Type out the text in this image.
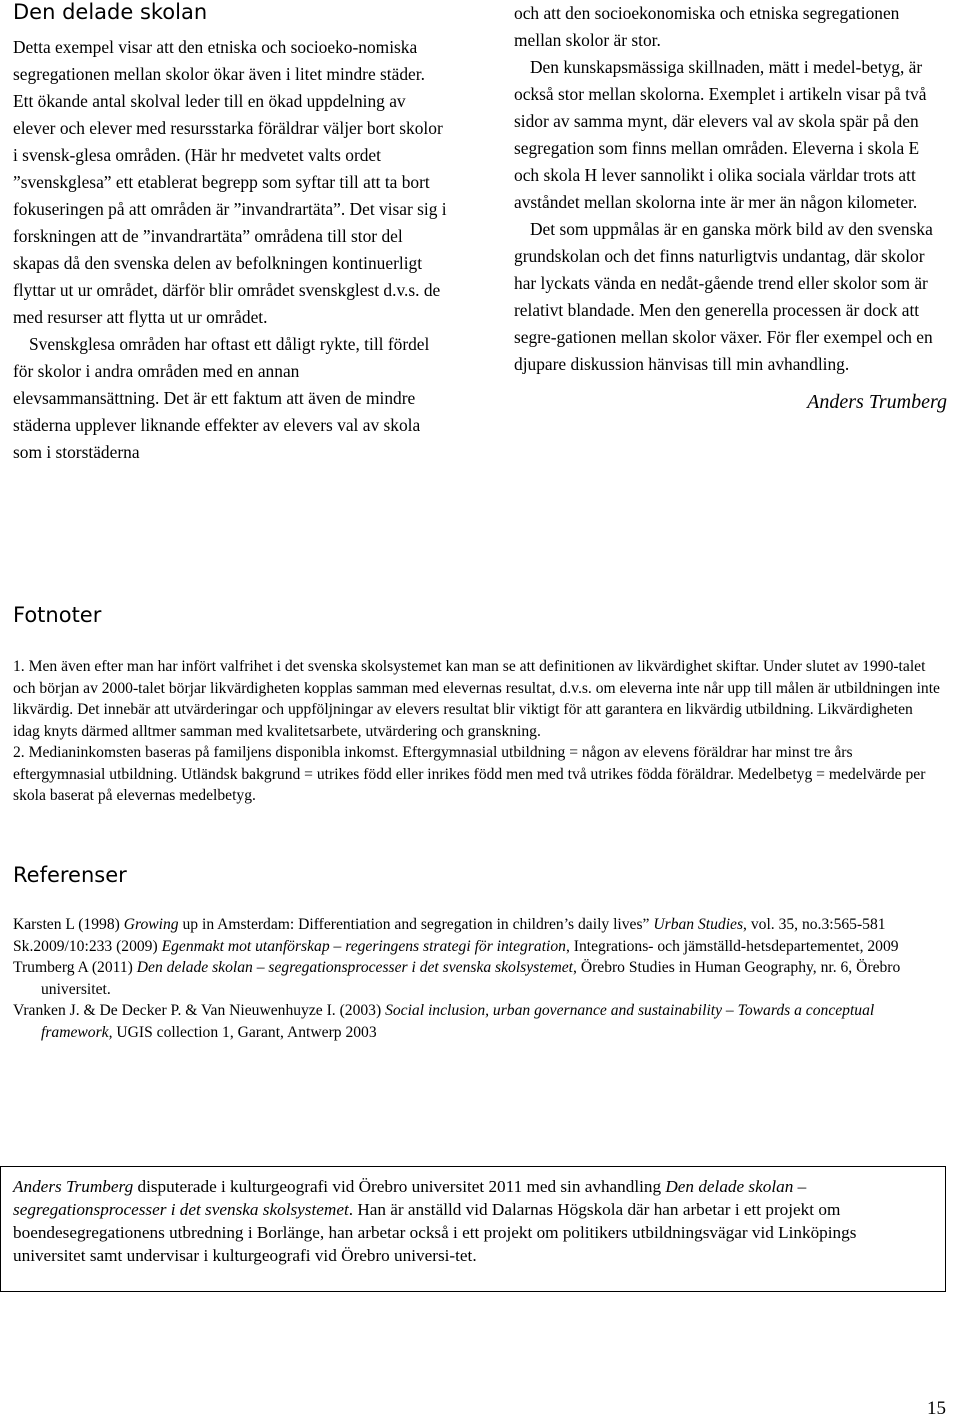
Den delade skolan

Detta exempel visar att den etniska och socioeko-nomiska segregationen mellan skolor ökar även i litet mindre städer. Ett ökande antal skolval leder till en ökad uppdelning av elever och elever med resursstarka föräldrar väljer bort skolor i svensk-glesa områden. (Här hr medvetet valts ordet ”svenskglesa” ett etablerat begrepp som syftar till att ta bort fokuseringen på att områden är ”invandrartäta”. Det visar sig i forskningen att de ”invandrartäta” områdena till stor del skapas då den svenska delen av befolkningen kontinuerligt flyttar ut ur området, därför blir området svenskglest d.v.s. de med resurser att flytta ut ur området.

Svenskglesa områden har oftast ett dåligt rykte, till fördel för skolor i andra områden med en annan elevsammansättning. Det är ett faktum att även de mindre städerna upplever liknande effekter av elevers val av skola som i storstäderna

och att den socioekonomiska och etniska segregationen mellan skolor är stor.

Den kunskapsmässiga skillnaden, mätt i medel-betyg, är också stor mellan skolorna. Exemplet i artikeln visar på två sidor av samma mynt, där elevers val av skola spär på den segregation som finns mellan områden. Eleverna i skola E och skola H lever sannolikt i olika sociala världar trots att avståndet mellan skolorna inte är mer än någon kilometer.

Det som uppmålas är en ganska mörk bild av den svenska grundskolan och det finns naturligtvis undantag, där skolor har lyckats vända en nedåt-gående trend eller skolor som är relativt blandade. Men den generella processen är dock att segre-gationen mellan skolor växer. För fler exempel och en djupare diskussion hänvisas till min avhandling.

Anders Trumberg

Fotnoter

1. Men även efter man har infört valfrihet i det svenska skolsystemet kan man se att definitionen av likvärdighet skiftar. Under slutet av 1990-talet och början av 2000-talet börjar likvärdigheten kopplas samman med elevernas resultat, d.v.s. om eleverna inte når upp till målen är utbildningen inte likvärdig. Det innebär att utvärderingar och uppföljningar av elevers resultat blir viktigt för att garantera en likvärdig utbildning. Likvärdigheten idag knyts därmed alltmer samman med kvalitetsarbete, utvärdering och granskning.

2. Medianinkomsten baseras på familjens disponibla inkomst. Eftergymnasial utbildning = någon av elevens föräldrar har minst tre års eftergymnasial utbildning. Utländsk bakgrund = utrikes född eller inrikes född men med två utrikes födda föräldrar. Medelbetyg = medelvärde per skola baserat på elevernas medelbetyg.

Referenser

Karsten L (1998) Growing up in Amsterdam: Differentiation and segregation in children’s daily lives” Urban Studies, vol. 35, no.3:565-581

Sk.2009/10:233 (2009) Egenmakt mot utanförskap – regeringens strategi för integration, Integrations- och jämställd-hetsdepartementet, 2009

Trumberg A (2011) Den delade skolan – segregationsprocesser i det svenska skolsystemet, Örebro Studies in Human Geography, nr. 6, Örebro universitet.

Vranken J. & De Decker P. & Van Nieuwenhuyze I. (2003) Social inclusion, urban governance and sustainability – Towards a conceptual framework, UGIS collection 1, Garant, Antwerp 2003

Anders Trumberg disputerade i kulturgeografi vid Örebro universitet 2011 med sin avhandling Den delade skolan – segregationsprocesser i det svenska skolsystemet. Han är anställd vid Dalarnas Högskola där han arbetar i ett projekt om boendesegregationens utbredning i Borlänge, han arbetar också i ett projekt om politikers utbildningsvägar vid Linköpings universitet samt undervisar i kulturgeografi vid Örebro universi-tet.

15
